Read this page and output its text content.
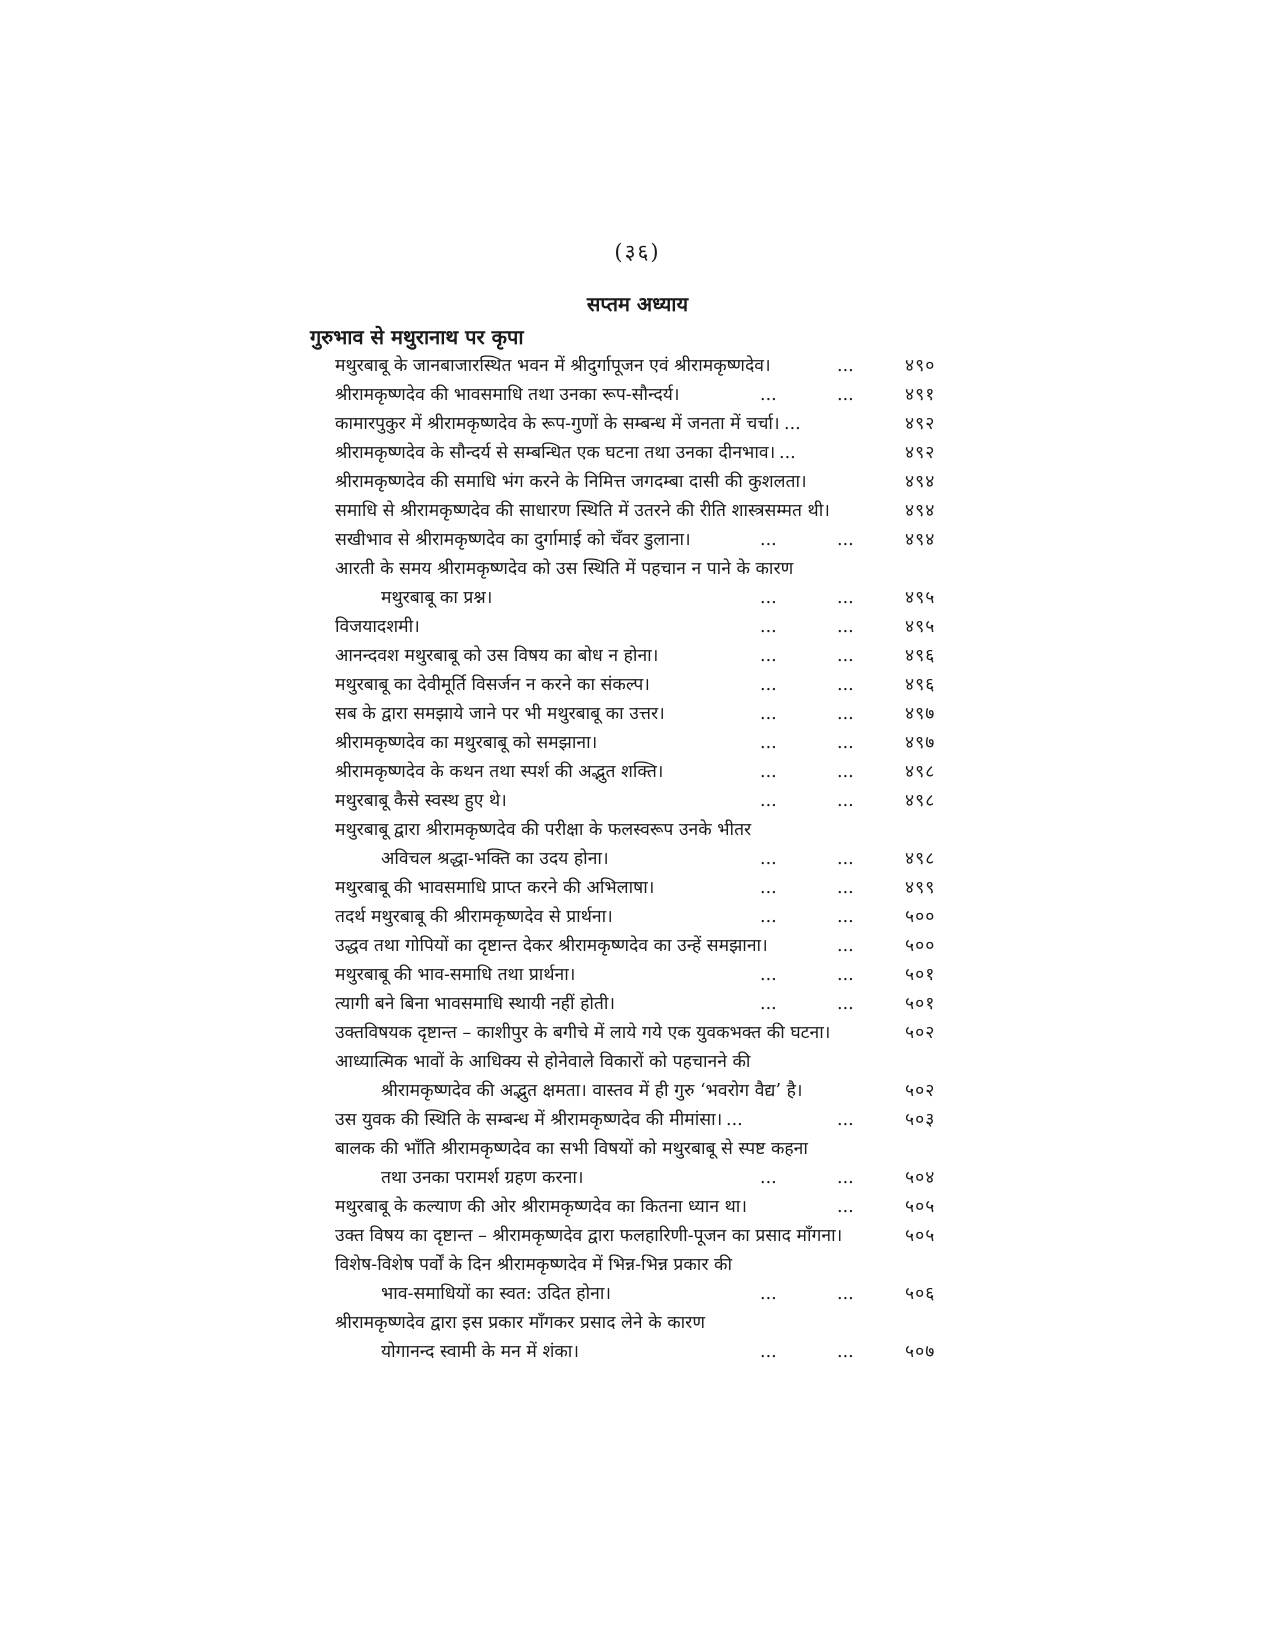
(३६)
सप्तम अध्याय
गुरुभाव से मथुरानाथ पर कृपा
मथुरबाबू के जानबाजारस्थित भवन में श्रीदुर्गापूजन एवं श्रीरामकृष्णदेव।	...	४९०
श्रीरामकृष्णदेव की भावसमाधि तथा उनका रूप-सौन्दर्य।	...	...	४९१
कामारपुकुर में श्रीरामकृष्णदेव के रूप-गुणों के सम्बन्ध में जनता में चर्चा। ...	४९२
श्रीरामकृष्णदेव के सौन्दर्य से सम्बन्धित एक घटना तथा उनका दीनभाव। ...	४९२
श्रीरामकृष्णदेव की समाधि भंग करने के निमित्त जगदम्बा दासी की कुशलता।	४९४
समाधि से श्रीरामकृष्णदेव की साधारण स्थिति में उतरने की रीति शास्त्रसम्मत थी।	४९४
सखीभाव से श्रीरामकृष्णदेव का दुर्गामाई को चँवर डुलाना।	...	...	४९४
आरती के समय श्रीरामकृष्णदेव को उस स्थिति में पहचान न पाने के कारण
मथुरबाबू का प्रश्न।	...	...	४९५
विजयादशमी।	...	...	४९५
आनन्दवश मथुरबाबू को उस विषय का बोध न होना।	...	...	४९६
मथुरबाबू का देवीमूर्ति विसर्जन न करने का संकल्प।	...	...	४९६
सब के द्वारा समझाये जाने पर भी मथुरबाबू का उत्तर।	...	...	४९७
श्रीरामकृष्णदेव का मथुरबाबू को समझाना।	...	...	४९७
श्रीरामकृष्णदेव के कथन तथा स्पर्श की अद्भुत शक्ति।	...	...	४९८
मथुरबाबू कैसे स्वस्थ हुए थे।	...	...	४९८
मथुरबाबू द्वारा श्रीरामकृष्णदेव की परीक्षा के फलस्वरूप उनके भीतर
अविचल श्रद्धा-भक्ति का उदय होना।	...	...	४९८
मथुरबाबू की भावसमाधि प्राप्त करने की अभिलाषा।	...	...	४९९
तदर्थ मथुरबाबू की श्रीरामकृष्णदेव से प्रार्थना।	...	...	५००
उद्धव तथा गोपियों का दृष्टान्त देकर श्रीरामकृष्णदेव का उन्हें समझाना।	...	५००
मथुरबाबू की भाव-समाधि तथा प्रार्थना।	...	...	५०१
त्यागी बने बिना भावसमाधि स्थायी नहीं होती।	...	...	५०१
उक्तविषयक दृष्टान्त – काशीपुर के बगीचे में लाये गये एक युवकभक्त की घटना।	५०२
आध्यात्मिक भावों के आधिक्य से होनेवाले विकारों को पहचानने की
श्रीरामकृष्णदेव की अद्भुत क्षमता। वास्तव में ही गुरु ‘भवरोग वैद्य’ है।	५०२
उस युवक की स्थिति के सम्बन्ध में श्रीरामकृष्णदेव की मीमांसा। ...	...	५०३
बालक की भाँति श्रीरामकृष्णदेव का सभी विषयों को मथुरबाबू से स्पष्ट कहना
तथा उनका परामर्श ग्रहण करना।	...	...	५०४
मथुरबाबू के कल्याण की ओर श्रीरामकृष्णदेव का कितना ध्यान था।	...	५०५
उक्त विषय का दृष्टान्त – श्रीरामकृष्णदेव द्वारा फलहारिणी-पूजन का प्रसाद माँगना।	५०५
विशेष-विशेष पर्वों के दिन श्रीरामकृष्णदेव में भिन्न-भिन्न प्रकार की
भाव-समाधियों का स्वत: उदित होना।	...	...	५०६
श्रीरामकृष्णदेव द्वारा इस प्रकार माँगकर प्रसाद लेने के कारण
योगानन्द स्वामी के मन में शंका।	...	...	५०७
